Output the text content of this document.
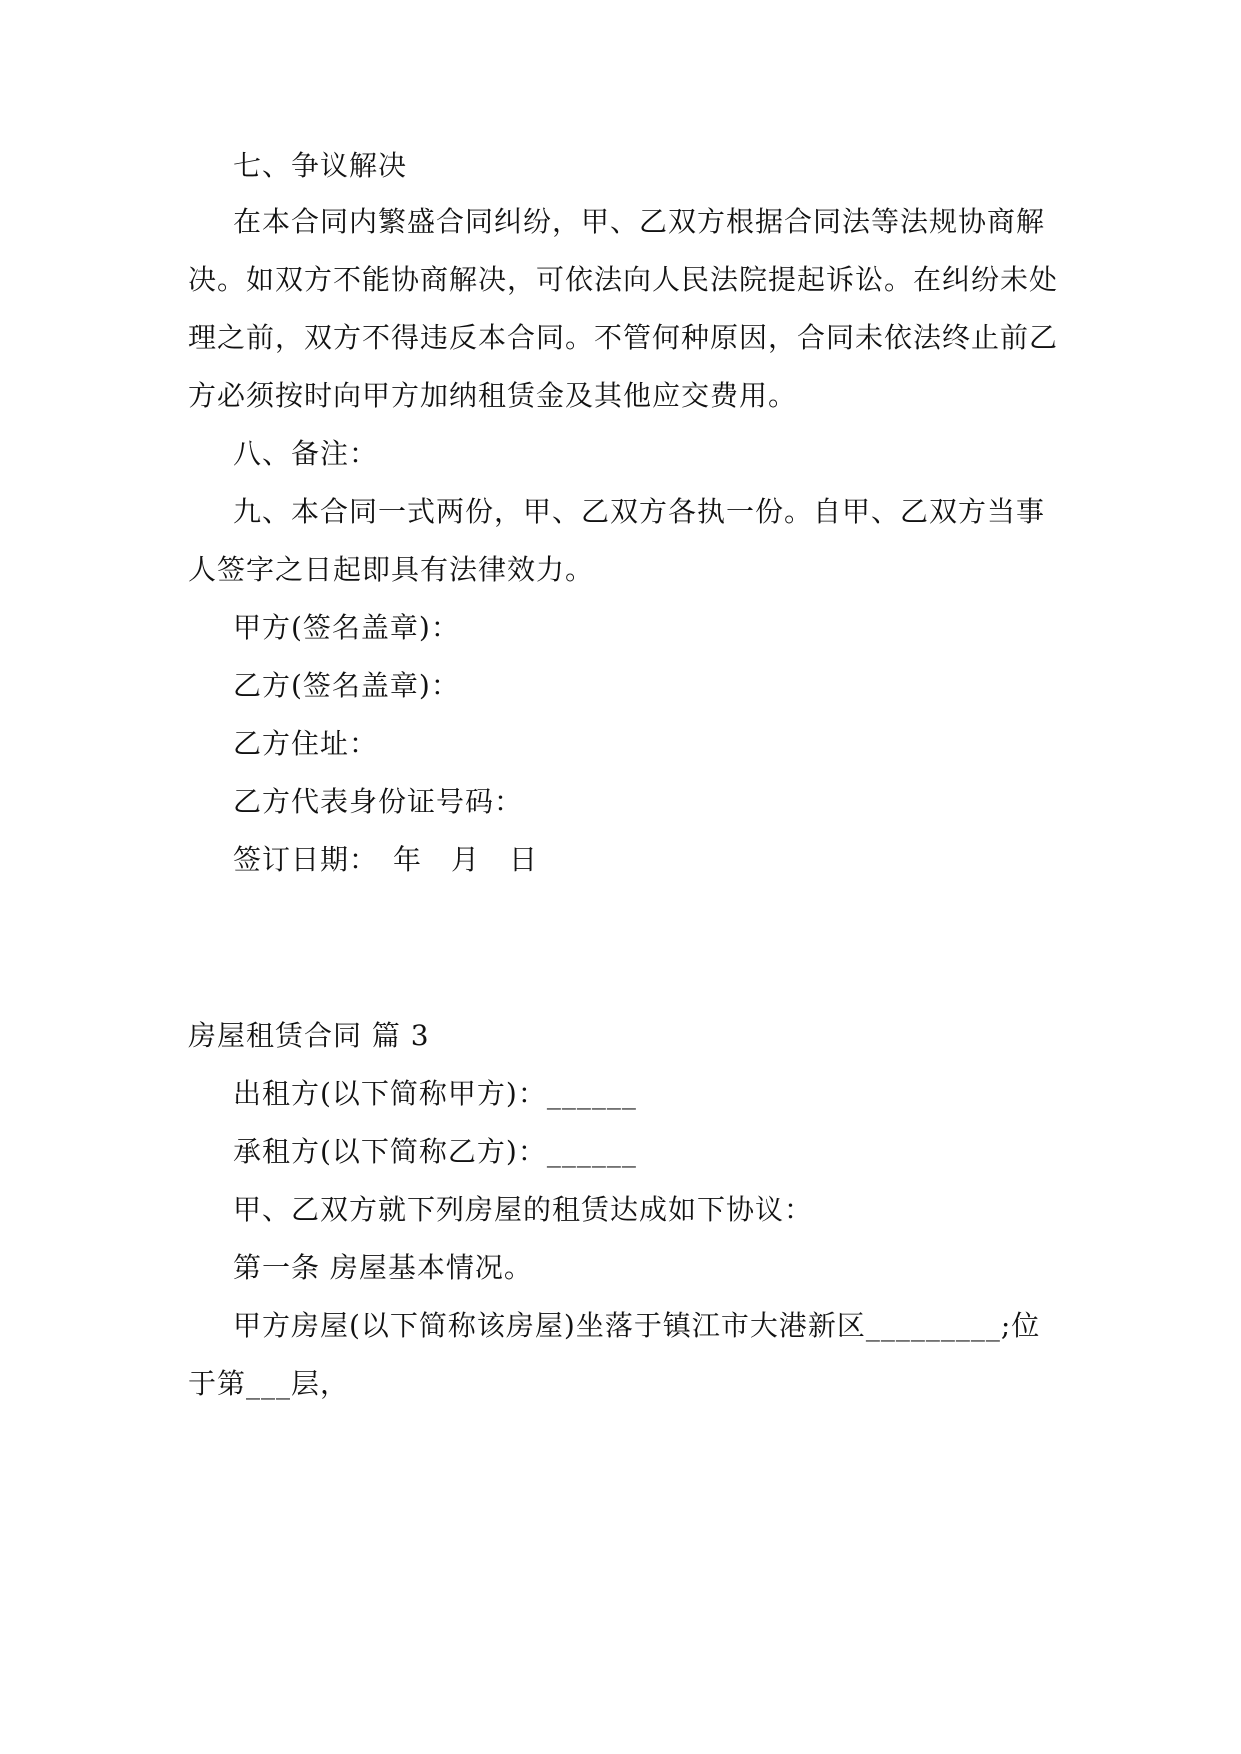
七、争议解决
在本合同内繁盛合同纠纷，甲、乙双方根据合同法等法规协商解
决。如双方不能协商解决，可依法向人民法院提起诉讼。在纠纷未处
理之前，双方不得违反本合同。不管何种原因，合同未依法终止前乙
方必须按时向甲方加纳租赁金及其他应交费用。
八、备注：
九、本合同一式两份，甲、乙双方各执一份。自甲、乙双方当事
人签字之日起即具有法律效力。
甲方(签名盖章)：
乙方(签名盖章)：
乙方住址：
乙方代表身份证号码：
签订日期：　年　月　日
房屋租赁合同 篇 3
出租方(以下简称甲方)：______
承租方(以下简称乙方)：______
甲、乙双方就下列房屋的租赁达成如下协议：
第一条 房屋基本情况。
甲方房屋(以下简称该房屋)坐落于镇江市大港新区_________;位
于第___层，
